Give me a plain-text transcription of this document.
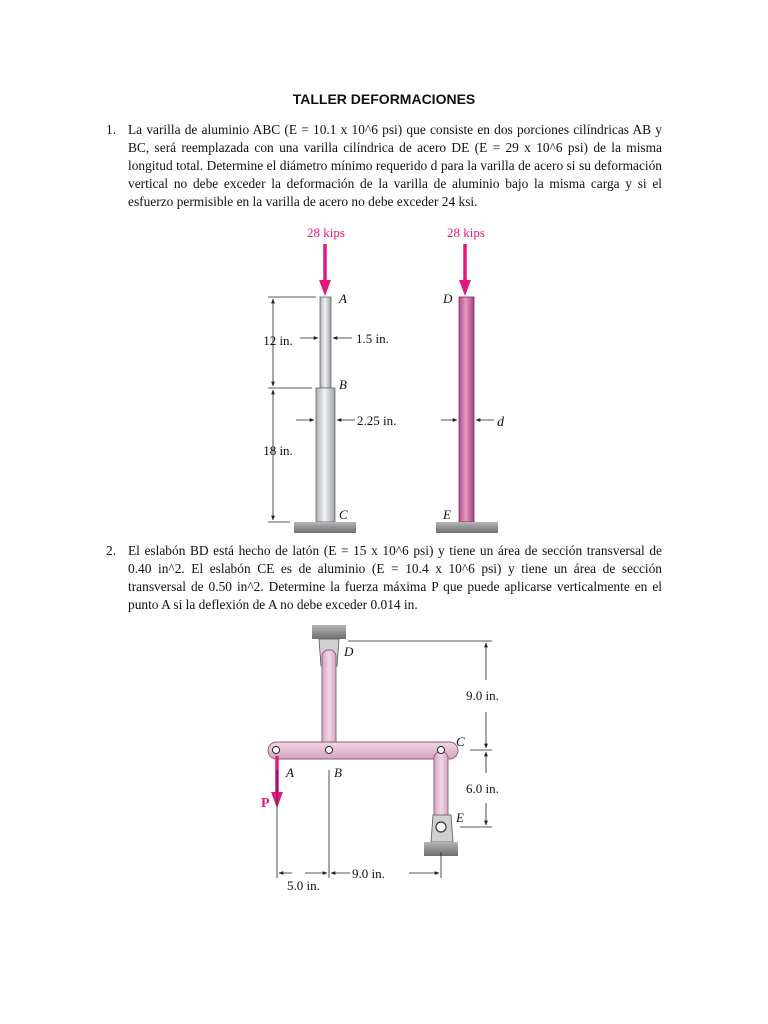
TALLER DEFORMACIONES
1. La varilla de aluminio ABC (E = 10.1 x 10^6 psi) que consiste en dos porciones cilíndricas AB y BC, será reemplazada con una varilla cilíndrica de acero DE (E = 29 x 10^6 psi) de la misma longitud total. Determine el diámetro mínimo requerido d para la varilla de acero si su deformación vertical no debe exceder la deformación de la varilla de aluminio bajo la misma carga y si el esfuerzo permisible en la varilla de acero no debe exceder 24 ksi.
28 kips	28 kips
12 in.
18 in.
1.5 in.
2.25 in.	d
A
B
C
D
E
P
9.0 in.
6.0 in.
9.0 in.
5.0 in.
D
A	B
C
E
2. El eslabón BD está hecho de latón (E = 15 x 10^6 psi) y tiene un área de sección transversal de 0.40 in^2. El eslabón CE es de aluminio (E = 10.4 x 10^6 psi) y tiene un área de sección transversal de 0.50 in^2. Determine la fuerza máxima P que puede aplicarse verticalmente en el punto A si la deflexión de A no debe exceder 0.014 in.
